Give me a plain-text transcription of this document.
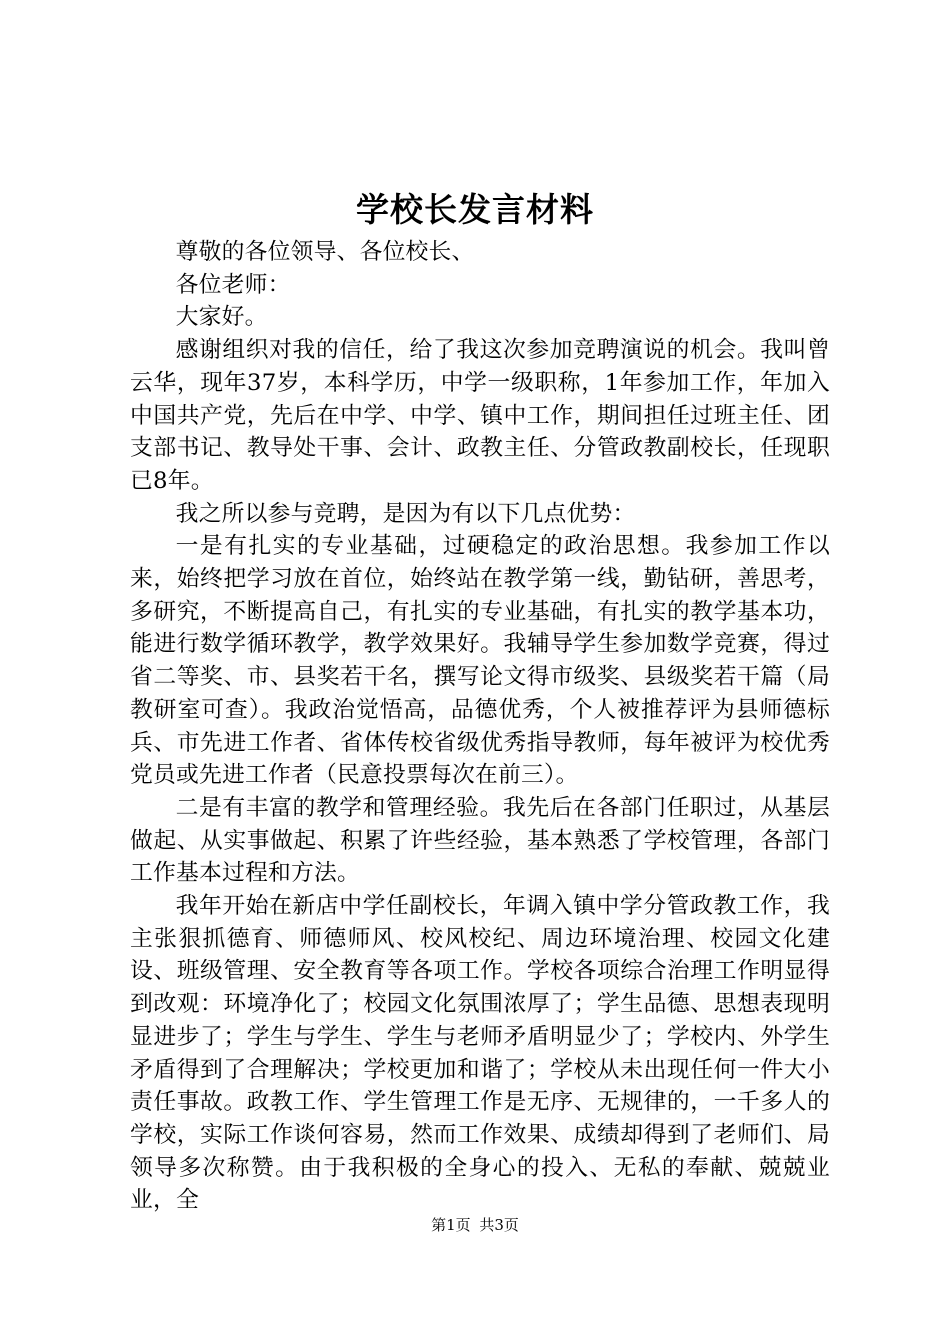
学校长发言材料

尊敬的各位领导、各位校长、

各位老师：

大家好。

感谢组织对我的信任，给了我这次参加竞聘演说的机会。我叫曾云华，现年37岁，本科学历，中学一级职称，1年参加工作，年加入中国共产党，先后在中学、中学、镇中工作，期间担任过班主任、团支部书记、教导处干事、会计、政教主任、分管政教副校长，任现职已8年。

我之所以参与竞聘，是因为有以下几点优势：

一是有扎实的专业基础，过硬稳定的政治思想。我参加工作以来，始终把学习放在首位，始终站在教学第一线，勤钻研，善思考，多研究，不断提高自己，有扎实的专业基础，有扎实的教学基本功，能进行数学循环教学，教学效果好。我辅导学生参加数学竞赛，得过省二等奖、市、县奖若干名，撰写论文得市级奖、县级奖若干篇（局教研室可查）。我政治觉悟高，品德优秀，个人被推荐评为县师德标兵、市先进工作者、省体传校省级优秀指导教师，每年被评为校优秀党员或先进工作者（民意投票每次在前三）。

二是有丰富的教学和管理经验。我先后在各部门任职过，从基层做起、从实事做起、积累了许些经验，基本熟悉了学校管理，各部门工作基本过程和方法。

我年开始在新店中学任副校长，年调入镇中学分管政教工作，我主张狠抓德育、师德师风、校风校纪、周边环境治理、校园文化建设、班级管理、安全教育等各项工作。学校各项综合治理工作明显得到改观：环境净化了；校园文化氛围浓厚了；学生品德、思想表现明显进步了；学生与学生、学生与老师矛盾明显少了；学校内、外学生矛盾得到了合理解决；学校更加和谐了；学校从未出现任何一件大小责任事故。政教工作、学生管理工作是无序、无规律的，一千多人的学校，实际工作谈何容易，然而工作效果、成绩却得到了老师们、局领导多次称赞。由于我积极的全身心的投入、无私的奉献、兢兢业业，全

第1页 共3页
